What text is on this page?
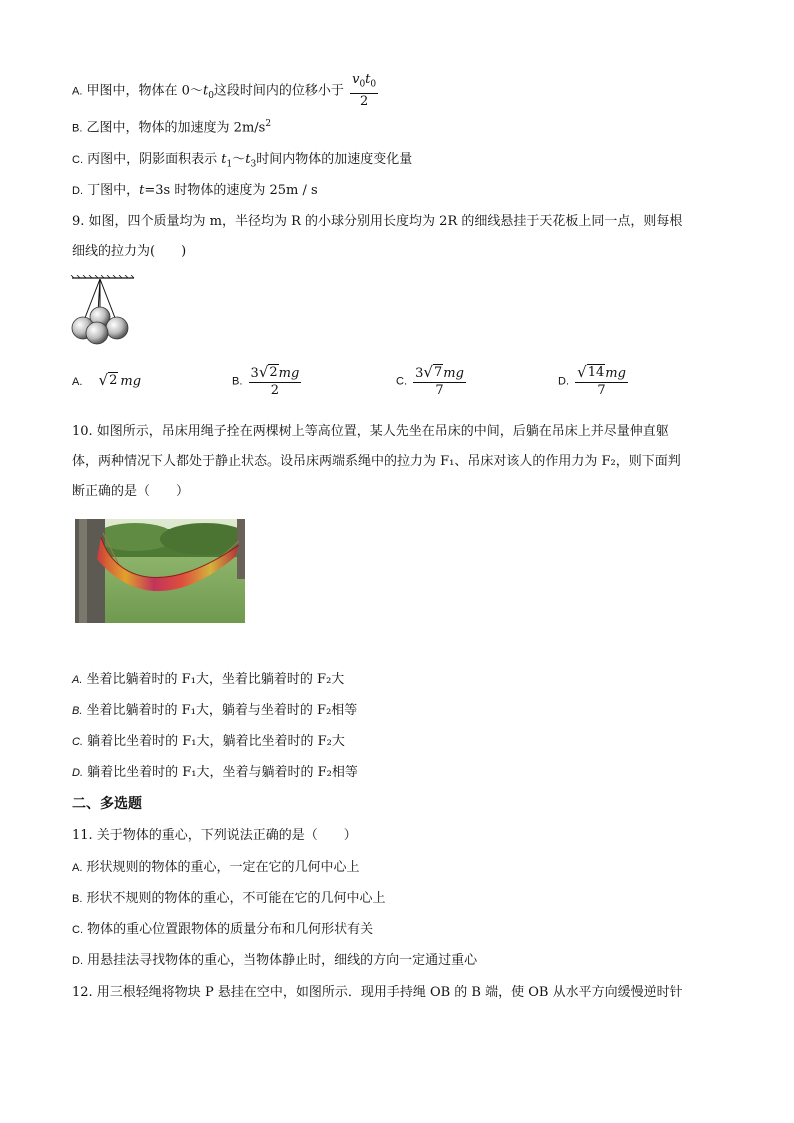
A. 甲图中，物体在 $0\sim t_0$这段时间内的位移小于 $\frac{v_0t_0}{2}$
B. 乙图中，物体的加速度为 $2m/s^2$
C. 丙图中，阴影面积表示 $t_1\sim t_3$时间内物体的加速度变化量
D. 丁图中，t=3s 时物体的速度为 25m / s
9. 如图，四个质量均为 m，半径均为 R 的小球分别用长度均为 2R 的细线悬挂于天花板上同一点，则每根
细线的拉力为(　　)
A. √ 2 mg	B. $\frac{3 √ 2 mg}{2}$	C. $\frac{3 √ 7 mg}{7}$	D. $\frac{√ 14 mg}{7}$
10. 如图所示，吊床用绳子拴在两棵树上等高位置，某人先坐在吊床的中间，后躺在吊床上并尽量伸直躯
体，两种情况下人都处于静止状态。设吊床两端系绳中的拉力为 F₁、吊床对该人的作用力为 F₂，则下面判
断正确的是（　　）
A. 坐着比躺着时的 F₁大，坐着比躺着时的 F₂大
B. 坐着比躺着时的 F₁大，躺着与坐着时的 F₂相等
C. 躺着比坐着时的 F₁大，躺着比坐着时的 F₂大
D. 躺着比坐着时的 F₁大，坐着与躺着时的 F₂相等
二、多选题
11. 关于物体的重心，下列说法正确的是（　　）
A. 形状规则的物体的重心，一定在它的几何中心上
B. 形状不规则的物体的重心，不可能在它的几何中心上
C. 物体的重心位置跟物体的质量分布和几何形状有关
D. 用悬挂法寻找物体的重心，当物体静止时，细线的方向一定通过重心
12. 用三根轻绳将物块 P 悬挂在空中，如图所示．现用手持绳 OB 的 B 端，使 OB 从水平方向缓慢逆时针
